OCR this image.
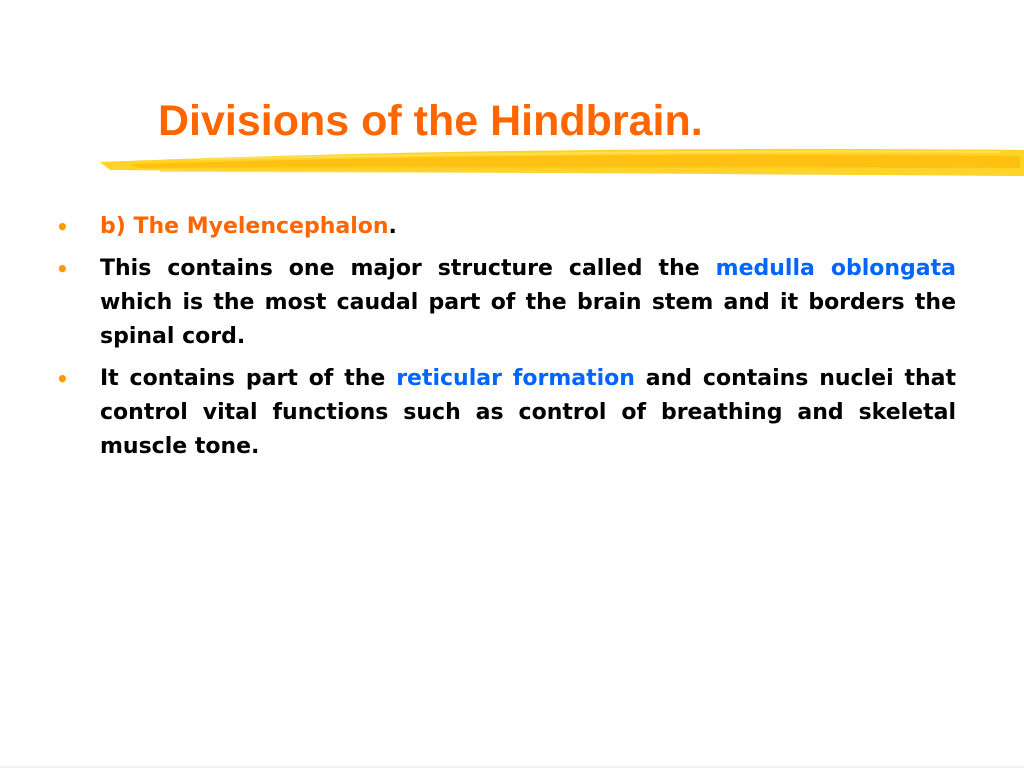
Divisions of the Hindbrain.
•	b) The Myelencephalon.
•	This contains one major structure called the medulla oblongata which is the most caudal part of the brain stem and it borders the spinal cord.
•	It contains part of the reticular formation and contains nuclei that control vital functions such as control of breathing and skeletal muscle tone.
